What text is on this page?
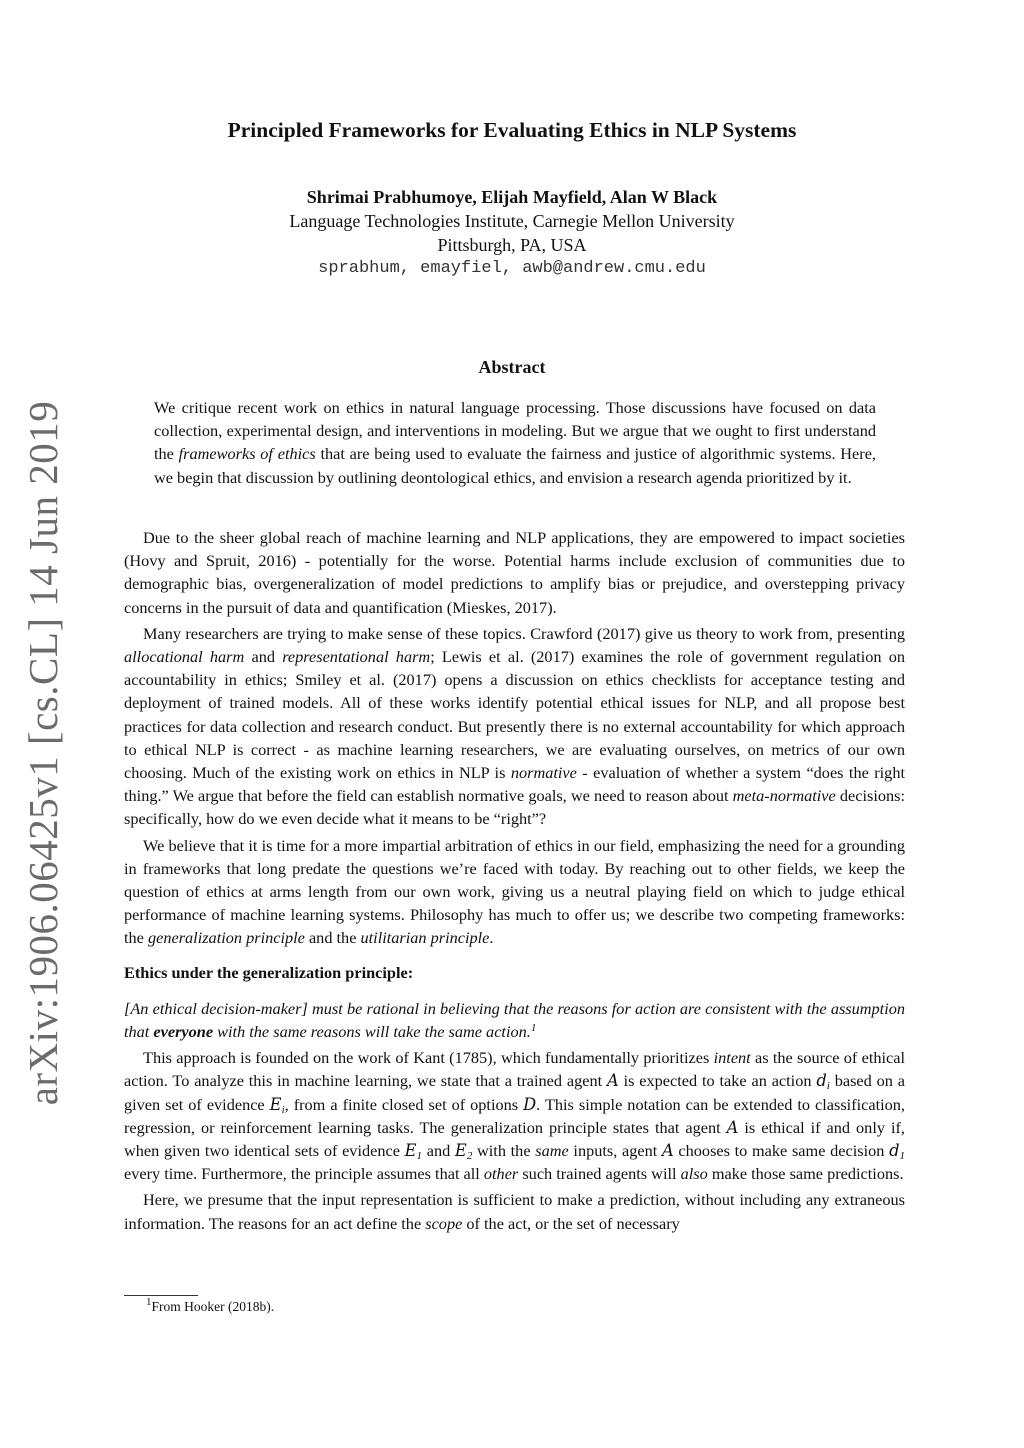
arXiv:1906.06425v1 [cs.CL] 14 Jun 2019
Principled Frameworks for Evaluating Ethics in NLP Systems
Shrimai Prabhumoye, Elijah Mayfield, Alan W Black
Language Technologies Institute, Carnegie Mellon University
Pittsburgh, PA, USA
sprabhum, emayfiel, awb@andrew.cmu.edu
Abstract
We critique recent work on ethics in natural language processing. Those discussions have focused on data collection, experimental design, and interventions in modeling. But we argue that we ought to first understand the frameworks of ethics that are being used to evaluate the fairness and justice of algorithmic systems. Here, we begin that discussion by outlining deontological ethics, and envision a research agenda prioritized by it.

Due to the sheer global reach of machine learning and NLP applications, they are empowered to impact societies (Hovy and Spruit, 2016) - potentially for the worse. Potential harms include exclusion of communities due to demographic bias, overgeneralization of model predictions to amplify bias or prejudice, and overstepping privacy concerns in the pursuit of data and quantification (Mieskes, 2017).

Many researchers are trying to make sense of these topics. Crawford (2017) give us theory to work from, presenting allocational harm and representational harm; Lewis et al. (2017) examines the role of government regulation on accountability in ethics; Smiley et al. (2017) opens a discussion on ethics checklists for acceptance testing and deployment of trained models. All of these works identify potential ethical issues for NLP, and all propose best practices for data collection and research conduct. But presently there is no external accountability for which approach to ethical NLP is correct - as machine learning researchers, we are evaluating ourselves, on metrics of our own choosing. Much of the existing work on ethics in NLP is normative - evaluation of whether a system “does the right thing.” We argue that before the field can establish normative goals, we need to reason about meta-normative decisions: specifically, how do we even decide what it means to be “right”?

We believe that it is time for a more impartial arbitration of ethics in our field, emphasizing the need for a grounding in frameworks that long predate the questions we’re faced with today. By reaching out to other fields, we keep the question of ethics at arms length from our own work, giving us a neutral playing field on which to judge ethical performance of machine learning systems. Philosophy has much to offer us; we describe two competing frameworks: the generalization principle and the utilitarian principle.

Ethics under the generalization principle:

[An ethical decision-maker] must be rational in believing that the reasons for action are consistent with the assumption that everyone with the same reasons will take the same action.$^1$

This approach is founded on the work of Kant (1785), which fundamentally prioritizes intent as the source of ethical action. To analyze this in machine learning, we state that a trained agent A is expected to take an action $d_i$ based on a given set of evidence $E_i$, from a finite closed set of options D. This simple notation can be extended to classification, regression, or reinforcement learning tasks. The generalization principle states that agent A is ethical if and only if, when given two identical sets of evidence $E_1$ and $E_2$ with the same inputs, agent A chooses to make same decision $d_1$ every time. Furthermore, the principle assumes that all other such trained agents will also make those same predictions.

Here, we presume that the input representation is sufficient to make a prediction, without including any extraneous information. The reasons for an act define the scope of the act, or the set of necessary

$^1$From Hooker (2018b).
